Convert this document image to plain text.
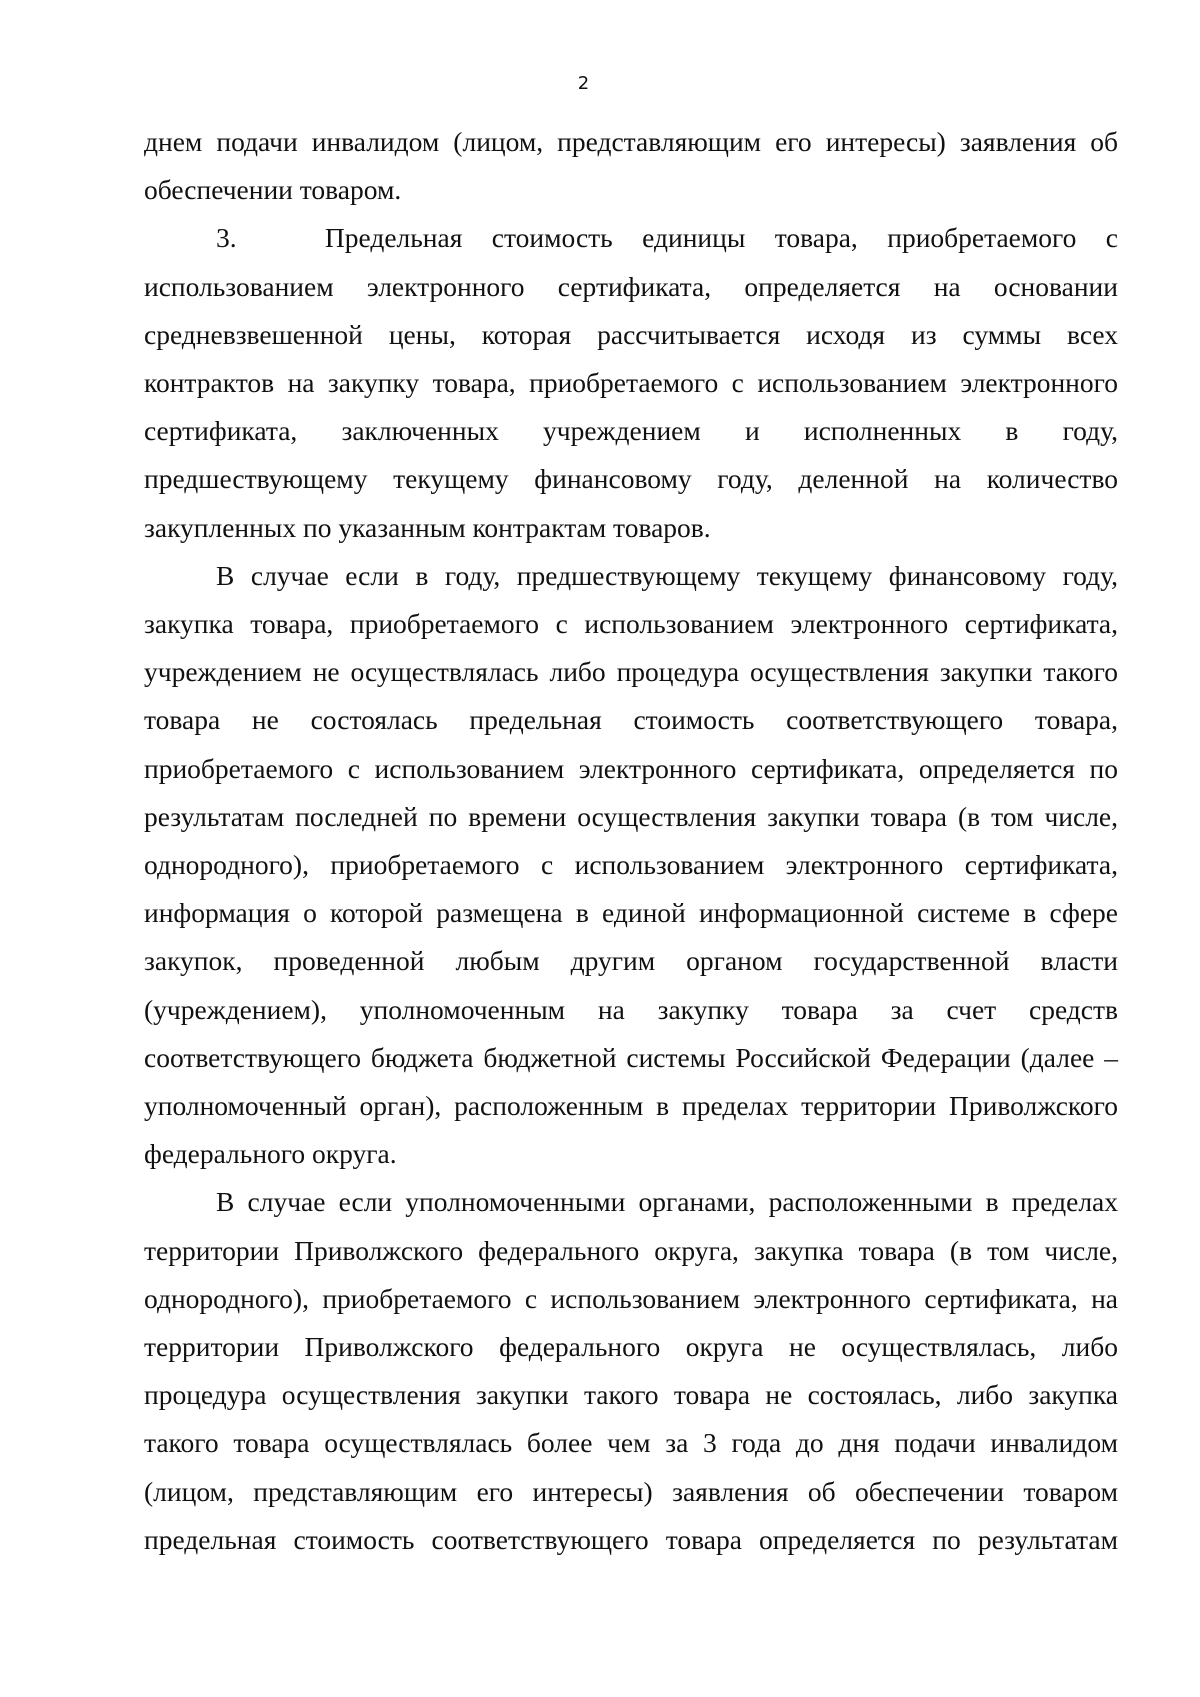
2

днем подачи инвалидом (лицом, представляющим его интересы) заявления об обеспечении товаром.

3.   Предельная стоимость единицы товара, приобретаемого с использованием электронного сертификата, определяется на основании средневзвешенной цены, которая рассчитывается исходя из суммы всех контрактов на закупку товара, приобретаемого с использованием электронного сертификата, заключенных учреждением и исполненных в году, предшествующему текущему финансовому году, деленной на количество закупленных по указанным контрактам товаров.

В случае если в году, предшествующему текущему финансовому году, закупка товара, приобретаемого с использованием электронного сертификата, учреждением не осуществлялась либо процедура осуществления закупки такого товара не состоялась предельная стоимость соответствующего товара, приобретаемого с использованием электронного сертификата, определяется по результатам последней по времени осуществления закупки товара (в том числе, однородного), приобретаемого с использованием электронного сертификата, информация о которой размещена в единой информационной системе в сфере закупок, проведенной любым другим органом государственной власти (учреждением), уполномоченным на закупку товара за счет средств соответствующего бюджета бюджетной системы Российской Федерации (далее – уполномоченный орган), расположенным в пределах территории Приволжского федерального округа.

В случае если уполномоченными органами, расположенными в пределах территории Приволжского федерального округа, закупка товара (в том числе, однородного), приобретаемого с использованием электронного сертификата, на территории Приволжского федерального округа не осуществлялась, либо процедура осуществления закупки такого товара не состоялась, либо закупка такого товара осуществлялась более чем за 3 года до дня подачи инвалидом (лицом, представляющим его интересы) заявления об обеспечении товаром предельная стоимость соответствующего товара определяется по результатам
